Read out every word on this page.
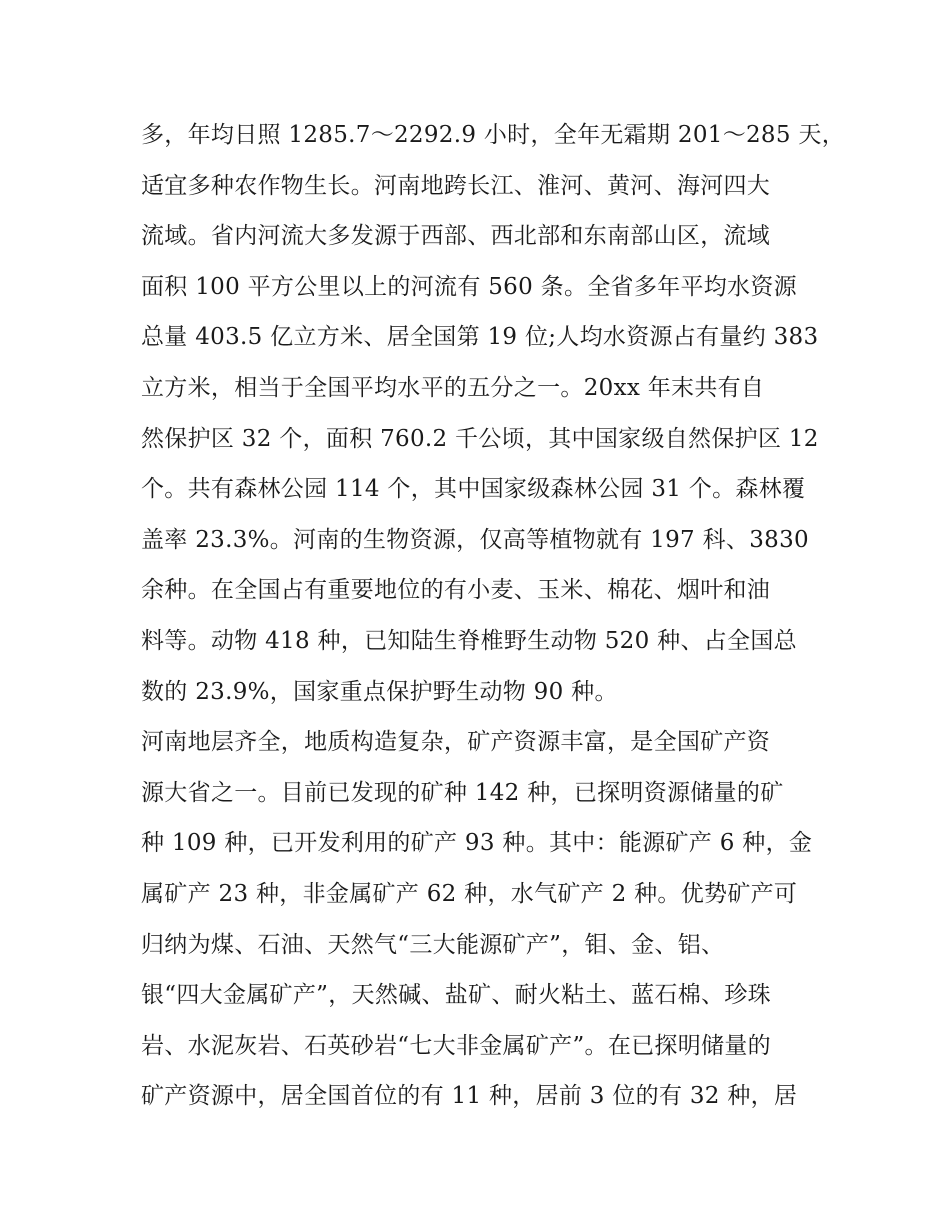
多，年均日照 1285.7～2292.9 小时，全年无霜期 201～285 天，
适宜多种农作物生长。河南地跨长江、淮河、黄河、海河四大
流域。省内河流大多发源于西部、西北部和东南部山区，流域
面积 100 平方公里以上的河流有 560 条。全省多年平均水资源
总量 403.5 亿立方米、居全国第 19 位;人均水资源占有量约 383
立方米，相当于全国平均水平的五分之一。20xx 年末共有自
然保护区 32 个，面积 760.2 千公顷，其中国家级自然保护区 12
个。共有森林公园 114 个，其中国家级森林公园 31 个。森林覆
盖率 23.3%。河南的生物资源，仅高等植物就有 197 科、3830
余种。在全国占有重要地位的有小麦、玉米、棉花、烟叶和油
料等。动物 418 种，已知陆生脊椎野生动物 520 种、占全国总
数的 23.9%，国家重点保护野生动物 90 种。
河南地层齐全，地质构造复杂，矿产资源丰富，是全国矿产资
源大省之一。目前已发现的矿种 142 种，已探明资源储量的矿
种 109 种，已开发利用的矿产 93 种。其中：能源矿产 6 种，金
属矿产 23 种，非金属矿产 62 种，水气矿产 2 种。优势矿产可
归纳为煤、石油、天然气“三大能源矿产”，钼、金、铝、
银“四大金属矿产”，天然碱、盐矿、耐火粘土、蓝石棉、珍珠
岩、水泥灰岩、石英砂岩“七大非金属矿产”。在已探明储量的
矿产资源中，居全国首位的有 11 种，居前 3 位的有 32 种，居
